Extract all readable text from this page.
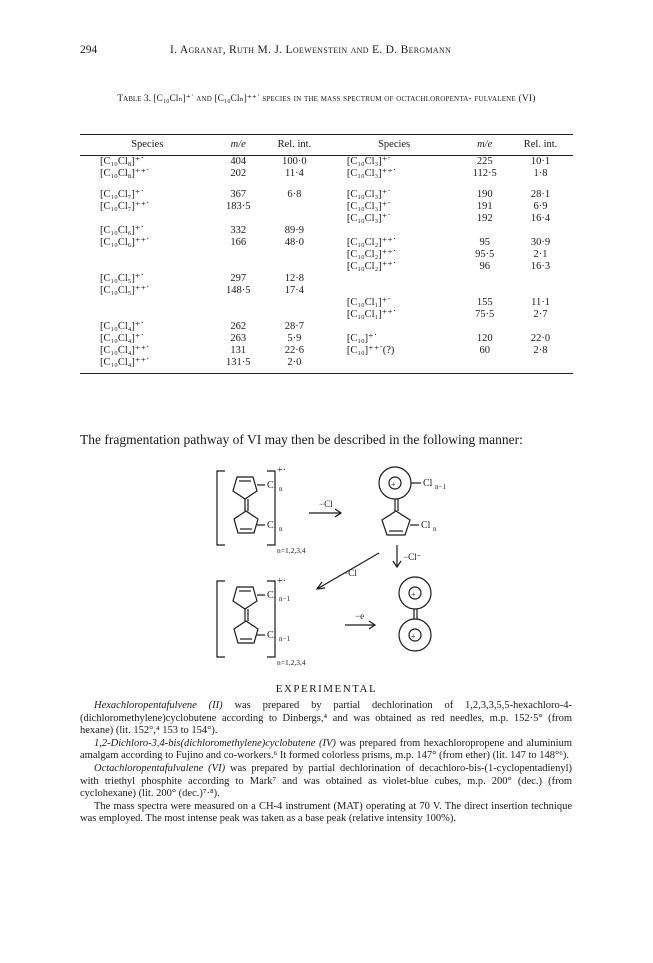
294	I. Agranat, Ruth M. J. Loewenstein and E. D. Bergmann
Table 3. [C₁₀Clₙ]⁺˙ and [C₁₀Clₙ]⁺⁺˙ species in the mass spectrum of octachloropenta- fulvalene (VI)
Species	m/e	Rel. int.	Species	m/e	Rel. int.
[C₁₀Cl₈]⁺˙	404	100·0	[C₁₀Cl₃]⁺˙	225	10·1
[C₁₀Cl₈]⁺⁺˙	202	11·4	[C₁₀Cl₃]⁺⁺˙	112·5	1·8

[C₁₀Cl₇]⁺˙	367	6·8	[C₁₀Cl₃]⁺˙	190	28·1
[C₁₀Cl₇]⁺⁺˙	183·5		[C₁₀Cl₃]⁺˙	191	6·9
			[C₁₀Cl₃]⁺˙	192	16·4
[C₁₀Cl₆]⁺˙	332	89·9			
[C₁₀Cl₆]⁺⁺˙	166	48·0	[C₁₀Cl₂]⁺⁺˙	95	30·9
			[C₁₀Cl₂]⁺⁺˙	95·5	2·1
			[C₁₀Cl₂]⁺⁺˙	96	16·3
[C₁₀Cl₅]⁺˙	297	12·8			
[C₁₀Cl₅]⁺⁺˙	148·5	17·4			
			[C₁₀Cl₁]⁺˙	155	11·1
			[C₁₀Cl₁]⁺⁺˙	75·5	2·7
[C₁₀Cl₄]⁺˙	262	28·7			
[C₁₀Cl₄]⁺˙	263	5·9	[C₁₀]⁺˙	120	22·0
[C₁₀Cl₄]⁺⁺˙	131	22·6	[C₁₀]⁺⁺˙(?)	60	2·8
[C₁₀Cl₄]⁺⁺˙	131·5	2·0			
The fragmentation pathway of VI may then be described in the following manner:
+·
Cl n
Cl n
n=1,2,3,4
−Cl
+	Cl n−1
Cl n
−Cl⁻
−Cl
+·
Cl n−1
Cl n−1
n=1,2,3,4
−e
+
+
EXPERIMENTAL

Hexachloropentafulvene (II) was prepared by partial dechlorination of 1,2,3,3,5,5-hexachloro-4-(dichloromethylene)cyclobutene according to Dinbergs,⁴ and was obtained as red needles, m.p. 152·5° (from hexane) (lit. 152°,⁴ 153 to 154°).

1,2-Dichloro-3,4-bis(dichloromethylene)cyclobutene (IV) was prepared from hexachloropropene and aluminium amalgam according to Fujino and co-workers.⁶ It formed colorless prisms, m.p. 147° (from ether) (lit. 147 to 148°⁶).

Octachloropentafulvalene (VI) was prepared by partial dechlorination of decachloro-bis-(1-cyclopentadienyl) with triethyl phosphite according to Mark⁷ and was obtained as violet-blue cubes, m.p. 200° (dec.) (from cyclohexane) (lit. 200° (dec.)⁷·⁸).

The mass spectra were measured on a CH-4 instrument (MAT) operating at 70 V. The direct insertion technique was employed. The most intense peak was taken as a base peak (relative intensity 100%).
